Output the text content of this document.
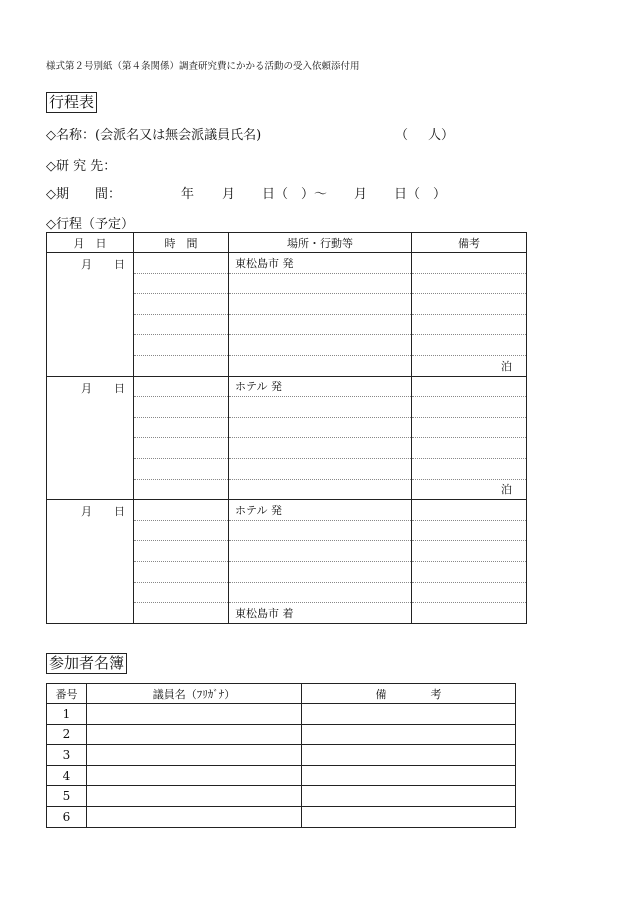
様式第２号別紙（第４条関係）調査研究費にかかる活動の受入依頼添付用
行程表
◇名称：(会派名又は無会派議員氏名)	（ 人）
◇研 究 先：
◇期　　間：	年 月 日（　）～ 月 日（　）
◇行程（予定）
月　日	時　間	場所・行動等	備考
月　　日		東松島市 発	

			泊
月　　日		ホテル 発	

			泊
月　　日		ホテル 発	

		東松島市 着	
参加者名簿
番号	議員名（ﾌﾘｶﾞﾅ）	備　　　　考
1		
2		
3		
4		
5		
6		
